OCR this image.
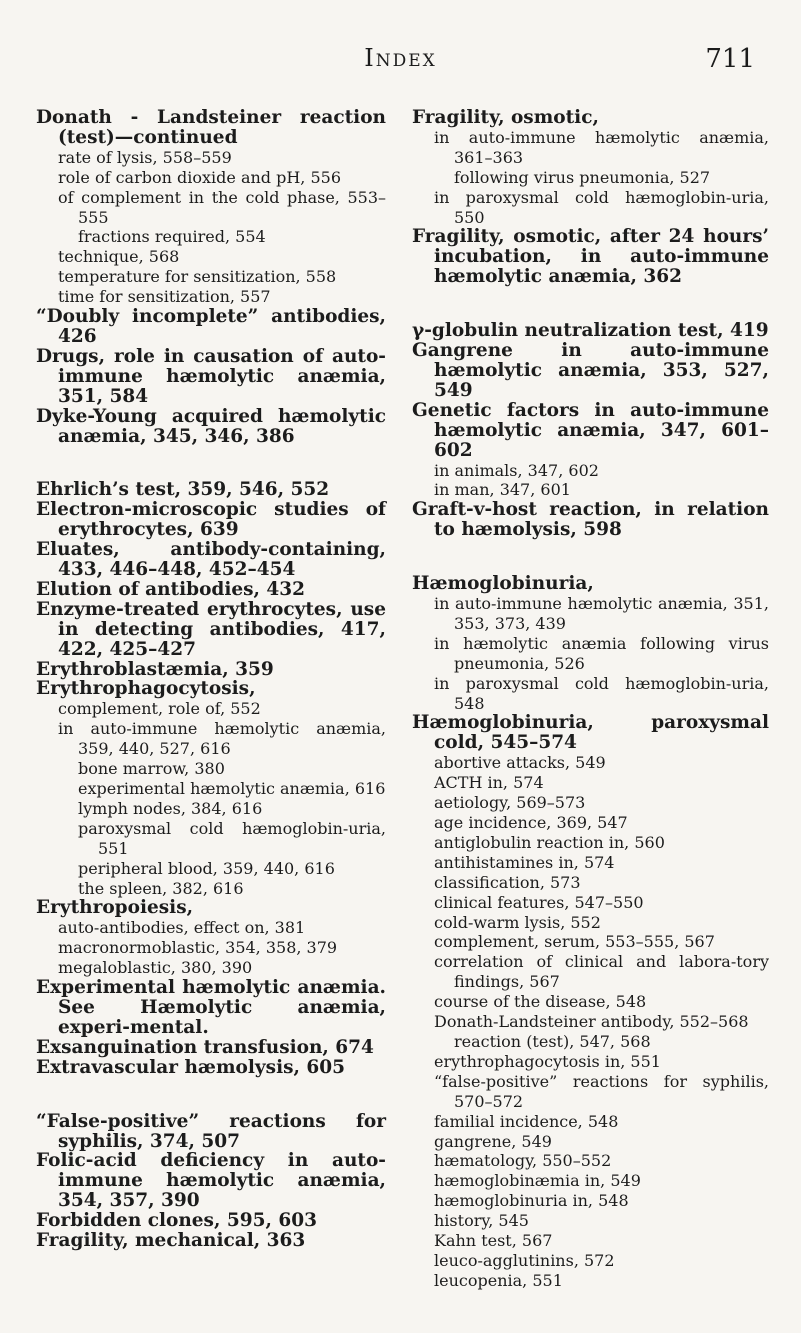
Index	711
Donath - Landsteiner reaction (test)—continued
rate of lysis, 558–559
role of carbon dioxide and pH, 556
of complement in the cold phase, 553–555
fractions required, 554
technique, 568
temperature for sensitization, 558
time for sensitization, 557
“Doubly incomplete” antibodies, 426
Drugs, role in causation of auto-immune hæmolytic anæmia, 351, 584
Dyke-Young acquired hæmolytic anæmia, 345, 346, 386
Ehrlich’s test, 359, 546, 552
Electron-microscopic studies of erythrocytes, 639
Eluates, antibody-containing, 433, 446–448, 452–454
Elution of antibodies, 432
Enzyme-treated erythrocytes, use in detecting antibodies, 417, 422, 425–427
Erythroblastæmia, 359
Erythrophagocytosis,
complement, role of, 552
in auto-immune hæmolytic anæmia, 359, 440, 527, 616
bone marrow, 380
experimental hæmolytic anæmia, 616
lymph nodes, 384, 616
paroxysmal cold hæmoglobin-uria, 551
peripheral blood, 359, 440, 616
the spleen, 382, 616
Erythropoiesis,
auto-antibodies, effect on, 381
macronormoblastic, 354, 358, 379
megaloblastic, 380, 390
Experimental hæmolytic anæmia. See Hæmolytic anæmia, experi-mental.
Exsanguination transfusion, 674
Extravascular hæmolysis, 605
“False-positive” reactions for syphilis, 374, 507
Folic-acid deficiency in auto-immune hæmolytic anæmia, 354, 357, 390
Forbidden clones, 595, 603
Fragility, mechanical, 363
Fragility, osmotic,
in auto-immune hæmolytic anæmia, 361–363
following virus pneumonia, 527
in paroxysmal cold hæmoglobin-uria, 550
Fragility, osmotic, after 24 hours’ incubation, in auto-immune hæmolytic anæmia, 362
γ-globulin neutralization test, 419
Gangrene in auto-immune hæmolytic anæmia, 353, 527, 549
Genetic factors in auto-immune hæmolytic anæmia, 347, 601–602
in animals, 347, 602
in man, 347, 601
Graft-v-host reaction, in relation to hæmolysis, 598
Hæmoglobinuria,
in auto-immune hæmolytic anæmia, 351, 353, 373, 439
in hæmolytic anæmia following virus pneumonia, 526
in paroxysmal cold hæmoglobin-uria, 548
Hæmoglobinuria, paroxysmal cold, 545–574
abortive attacks, 549
ACTH in, 574
aetiology, 569–573
age incidence, 369, 547
antiglobulin reaction in, 560
antihistamines in, 574
classification, 573
clinical features, 547–550
cold-warm lysis, 552
complement, serum, 553–555, 567
correlation of clinical and labora-tory findings, 567
course of the disease, 548
Donath-Landsteiner antibody, 552–568
reaction (test), 547, 568
erythrophagocytosis in, 551
“false-positive” reactions for syphilis, 570–572
familial incidence, 548
gangrene, 549
hæmatology, 550–552
hæmoglobinæmia in, 549
hæmoglobinuria in, 548
history, 545
Kahn test, 567
leuco-agglutinins, 572
leucopenia, 551
